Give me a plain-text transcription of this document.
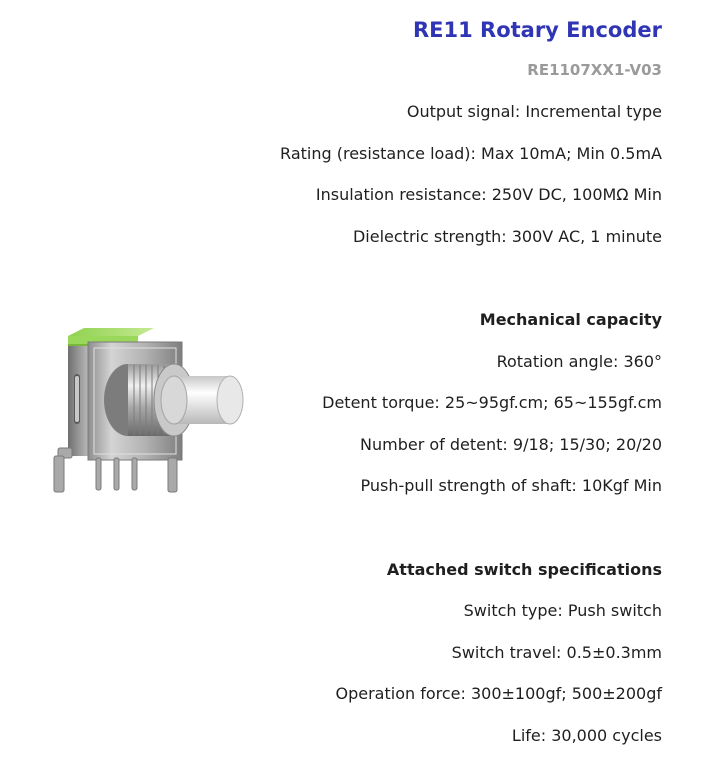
RE11 Rotary Encoder
RE1107XX1-V03
Output signal: Incremental type
Rating (resistance load): Max 10mA; Min 0.5mA
Insulation resistance: 250V DC, 100MΩ Min
Dielectric strength: 300V AC, 1 minute
Mechanical capacity
Rotation angle: 360°
Detent torque: 25~95gf.cm; 65~155gf.cm
Number of detent: 9/18; 15/30; 20/20
Push-pull strength of shaft: 10Kgf Min
Attached switch specifications
Switch type: Push switch
Switch travel: 0.5±0.3mm
Operation force: 300±100gf; 500±200gf
Life: 30,000 cycles
